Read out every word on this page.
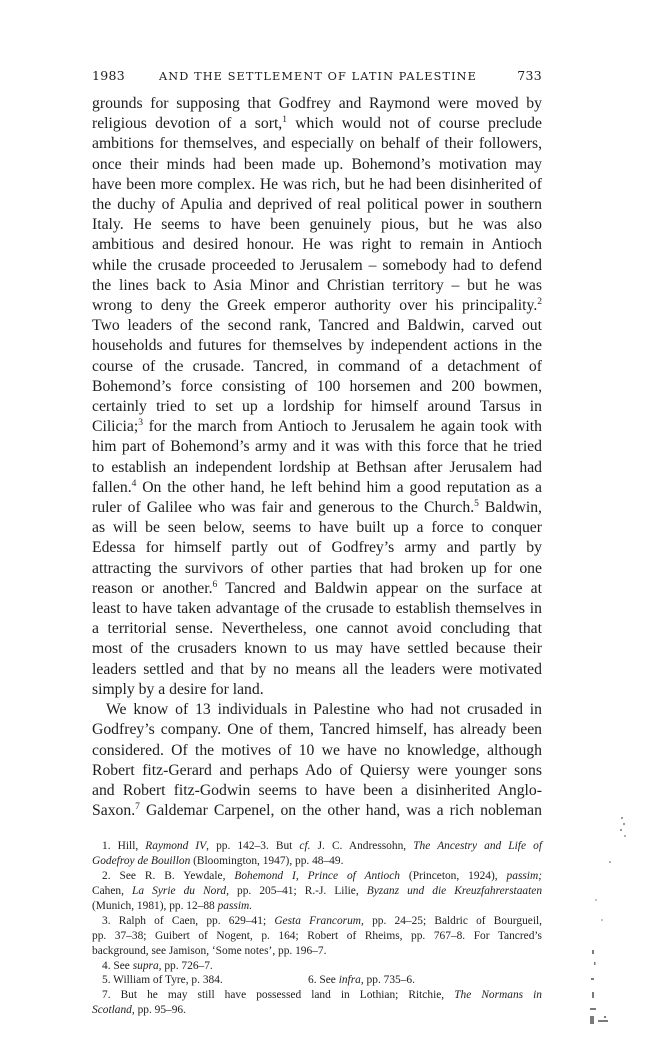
1983	AND THE SETTLEMENT OF LATIN PALESTINE	733

grounds for supposing that Godfrey and Raymond were moved by
religious devotion of a sort,$^1$ which would not of course preclude
ambitions for themselves, and especially on behalf of their followers,
once their minds had been made up. Bohemond’s motivation may
have been more complex. He was rich, but he had been disinherited of
the duchy of Apulia and deprived of real political power in southern
Italy. He seems to have been genuinely pious, but he was also
ambitious and desired honour. He was right to remain in Antioch
while the crusade proceeded to Jerusalem – somebody had to defend
the lines back to Asia Minor and Christian territory – but he was
wrong to deny the Greek emperor authority over his principality.$^2$
Two leaders of the second rank, Tancred and Baldwin, carved out
households and futures for themselves by independent actions in the
course of the crusade. Tancred, in command of a detachment of
Bohemond’s force consisting of 100 horsemen and 200 bowmen,
certainly tried to set up a lordship for himself around Tarsus in
Cilicia;$^3$ for the march from Antioch to Jerusalem he again took with
him part of Bohemond’s army and it was with this force that he tried
to establish an independent lordship at Bethsan after Jerusalem had
fallen.$^4$ On the other hand, he left behind him a good reputation as a
ruler of Galilee who was fair and generous to the Church.$^5$ Baldwin,
as will be seen below, seems to have built up a force to conquer
Edessa for himself partly out of Godfrey’s army and partly by
attracting the survivors of other parties that had broken up for one
reason or another.$^6$ Tancred and Baldwin appear on the surface at
least to have taken advantage of the crusade to establish themselves in
a territorial sense. Nevertheless, one cannot avoid concluding that
most of the crusaders known to us may have settled because their
leaders settled and that by no means all the leaders were motivated
simply by a desire for land.

We know of 13 individuals in Palestine who had not crusaded in
Godfrey’s company. One of them, Tancred himself, has already been
considered. Of the motives of 10 we have no knowledge, although
Robert fitz-Gerard and perhaps Ado of Quiersy were younger sons
and Robert fitz-Godwin seems to have been a disinherited Anglo-
Saxon.$^7$ Galdemar Carpenel, on the other hand, was a rich nobleman

1. Hill, Raymond IV, pp. 142–3. But cf. J. C. Andressohn, The Ancestry and Life of
Godefroy de Bouillon (Bloomington, 1947), pp. 48–49.
2. See R. B. Yewdale, Bohemond I, Prince of Antioch (Princeton, 1924), passim;
Cahen, La Syrie du Nord, pp. 205–41; R.-J. Lilie, Byzanz und die Kreuzfahrerstaaten
(Munich, 1981), pp. 12–88 passim.
3. Ralph of Caen, pp. 629–41; Gesta Francorum, pp. 24–25; Baldric of Bourgueil,
pp. 37–38; Guibert of Nogent, p. 164; Robert of Rheims, pp. 767–8. For Tancred’s
background, see Jamison, ‘Some notes’, pp. 196–7.
4. See supra, pp. 726–7.
5. William of Tyre, p. 384.	6. See infra, pp. 735–6.
7. But he may still have possessed land in Lothian; Ritchie, The Normans in
Scotland, pp. 95–96.
